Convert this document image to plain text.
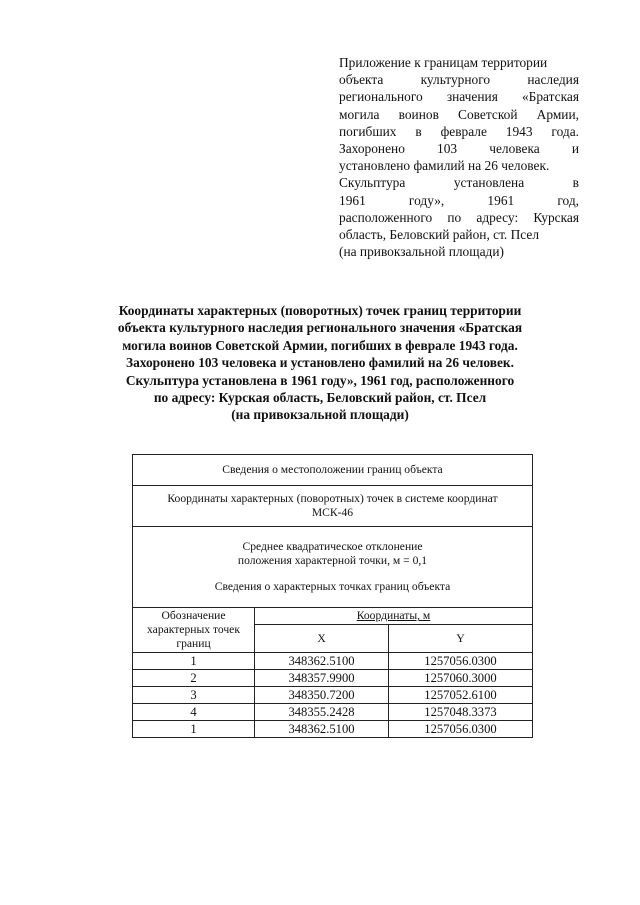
Приложение к границам территории
объекта культурного наследия
регионального значения «Братская
могила воинов Советской Армии,
погибших в феврале 1943 года.
Захоронено 103 человека и
установлено фамилий на 26 человек.
Скульптура установлена в
1961 году», 1961 год,
расположенного по адресу: Курская
область, Беловский район, ст. Псел
(на привокзальной площади)
Координаты характерных (поворотных) точек границ территории
объекта культурного наследия регионального значения «Братская
могила воинов Советской Армии, погибших в феврале 1943 года.
Захоронено 103 человека и установлено фамилий на 26 человек.
Скульптура установлена в 1961 году», 1961 год, расположенного
по адресу: Курская область, Беловский район, ст. Псел
(на привокзальной площади)
Сведения о местоположении границ объекта		

Координаты характерных (поворотных) точек в системе координат
МСК-46		

Среднее квадратическое отклонение
положения характерной точки, м = 0,1
Сведения о характерных точках границ объекта		

Обозначение
характерных точек
границ	Координаты, м	
	X	Y
1	348362.5100	1257056.0300
2	348357.9900	1257060.3000
3	348350.7200	1257052.6100
4	348355.2428	1257048.3373
1	348362.5100	1257056.0300
